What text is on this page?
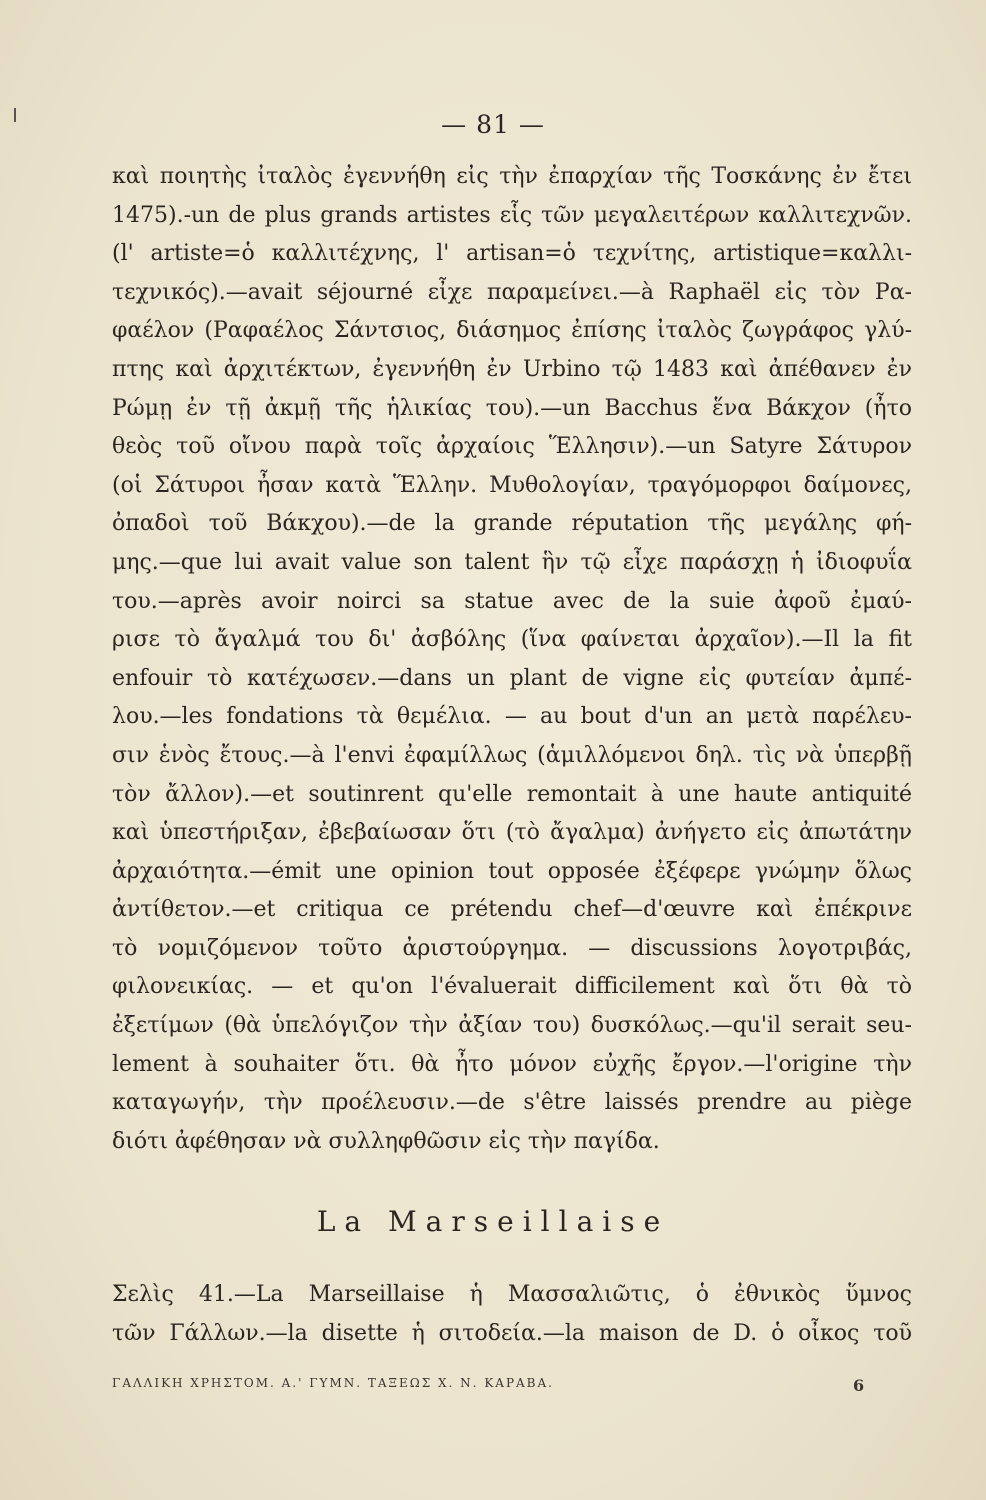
— 81 —
καὶ ποιητὴς ἰταλὸς ἐγεννήθη εἰς τὴν ἐπαρχίαν τῆς Τοσκάνης ἐν ἔτει
1475).-un de plus grands artistes εἷς τῶν μεγαλειτέρων καλλιτεχνῶν.
(l' artiste=ὁ καλλιτέχνης, l' artisan=ὁ τεχνίτης, artistique=καλλι-
τεχνικός).—avait séjourné εἶχε παραμείνει.—à Raphaël εἰς τὸν Ρα-
φαέλον (Ραφαέλος Σάντσιος, διάσημος ἐπίσης ἰταλὸς ζωγράφος γλύ-
πτης καὶ ἀρχιτέκτων, ἐγεννήθη ἐν Urbino τῷ 1483 καὶ ἀπέθανεν ἐν
Ρώμῃ ἐν τῇ ἀκμῇ τῆς ἡλικίας του).—un Bacchus ἕνα Βάκχον (ἦτο
θεὸς τοῦ οἴνου παρὰ τοῖς ἀρχαίοις Ἕλλησιν).—un Satyre Σάτυρον
(οἱ Σάτυροι ἦσαν κατὰ Ἕλλην. Μυθολογίαν, τραγόμορφοι δαίμονες,
ὀπαδοὶ τοῦ Βάκχου).—de la grande réputation τῆς μεγάλης φή-
μης.—que lui avait value son talent ἣν τῷ εἶχε παράσχῃ ἡ ἰδιοφυΐα
του.—après avoir noirci sa statue avec de la suie ἀφοῦ ἐμαύ-
ρισε τὸ ἄγαλμά του δι' ἀσβόλης (ἵνα φαίνεται ἀρχαῖον).—Il la fit
enfouir τὸ κατέχωσεν.—dans un plant de vigne εἰς φυτείαν ἀμπέ-
λου.—les fondations τὰ θεμέλια. — au bout d'un an μετὰ παρέλευ-
σιν ἑνὸς ἔτους.—à l'envi ἐφαμίλλως (ἁμιλλόμενοι δηλ. τὶς νὰ ὑπερβῇ
τὸν ἄλλον).—et soutinrent qu'elle remontait à une haute antiquité
καὶ ὑπεστήριξαν, ἐβεβαίωσαν ὅτι (τὸ ἄγαλμα) ἀνήγετο εἰς ἀπωτάτην
ἀρχαιότητα.—émit une opinion tout opposée ἐξέφερε γνώμην ὅλως
ἀντίθετον.—et critiqua ce prétendu chef—d'œuvre καὶ ἐπέκρινε
τὸ νομιζόμενον τοῦτο ἀριστούργημα. — discussions λογοτριβάς,
φιλονεικίας. — et qu'on l'évaluerait difficilement καὶ ὅτι θὰ τὸ
ἐξετίμων (θὰ ὑπελόγιζον τὴν ἀξίαν του) δυσκόλως.—qu'il serait seu-
lement à souhaiter ὅτι. θὰ ἦτο μόνον εὐχῆς ἔργον.—l'origine τὴν
καταγωγήν, τὴν προέλευσιν.—de s'être laissés prendre au piège
διότι ἀφέθησαν νὰ συλληφθῶσιν εἰς τὴν παγίδα.
La Marseillaise
Σελὶς 41.—La Marseillaise ἡ Μασσαλιῶτις, ὁ ἐθνικὸς ὕμνος
τῶν Γάλλων.—la disette ἡ σιτοδεία.—la maison de D. ὁ οἶκος τοῦ
ΓΑΛΛΙΚΗ ΧΡΗΣΤΟΜ. Α.' ΓΥΜΝ. ΤΑΞΕΩΣ Χ. Ν. ΚΑΡΑΒΑ.	6
